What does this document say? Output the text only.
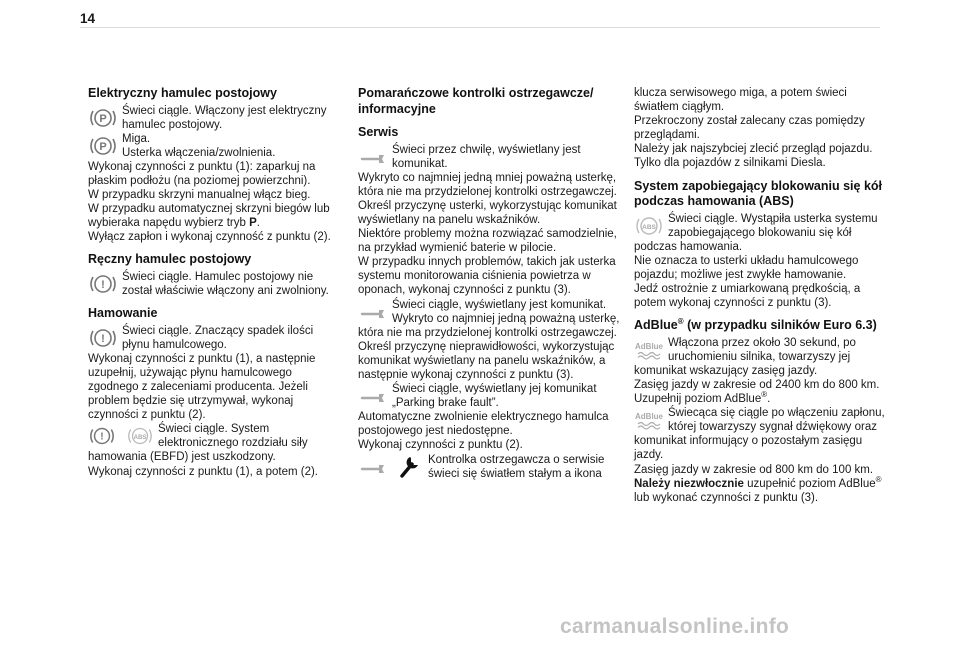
14
Elektryczny hamulec postojowy
P
Świeci ciągle. Włączony jest elektryczny hamulec postojowy.
P
Miga.
Usterka włączenia/zwolnienia.

Wykonaj czynności z punktu (1): zaparkuj na płaskim podłożu (na poziomej powierzchni).

W przypadku skrzyni manualnej włącz bieg.

W przypadku automatycznej skrzyni biegów lub wybieraka napędu wybierz tryb P.

Wyłącz zapłon i wykonaj czynność z punktu (2).

Ręczny hamulec postojowy
!
Świeci ciągle. Hamulec postojowy nie został właściwie włączony ani zwolniony.
Hamowanie
!
Świeci ciągle. Znaczący spadek ilości płynu hamulcowego.

Wykonaj czynności z punktu (1), a następnie uzupełnij, używając płynu hamulcowego zgodnego z zaleceniami producenta. Jeżeli problem będzie się utrzymywał, wykonaj czynności z punktu (2).

!	ABS
Świeci ciągle. System elektronicznego rozdziału siły hamowania (EBFD) jest uszkodzony.

Wykonaj czynności z punktu (1), a potem (2).

Pomarańczowe kontrolki ostrzegawcze/ informacyjne
Serwis
Świeci przez chwilę, wyświetlany jest komunikat.

Wykryto co najmniej jedną mniej poważną usterkę, która nie ma przydzielonej kontrolki ostrzegawczej.

Określ przyczynę usterki, wykorzystując komunikat wyświetlany na panelu wskaźników.

Niektóre problemy można rozwiązać samodzielnie, na przykład wymienić baterie w pilocie.

W przypadku innych problemów, takich jak usterka systemu monitorowania ciśnienia powietrza w oponach, wykonaj czynności z punktu (3).

Świeci ciągle, wyświetlany jest komunikat. Wykryto co najmniej jedną poważną usterkę, która nie ma przydzielonej kontrolki ostrzegawczej.

Określ przyczynę nieprawidłowości, wykorzystując komunikat wyświetlany na panelu wskaźników, a następnie wykonaj czynności z punktu (3).

Świeci ciągle, wyświetlany jej komunikat „Parking brake fault”.

Automatyczne zwolnienie elektrycznego hamulca postojowego jest niedostępne.

Wykonaj czynności z punktu (2).

Kontrolka ostrzegawcza o serwisie świeci się światłem stałym a ikona

klucza serwisowego miga, a potem świeci światłem ciągłym.

Przekroczony został zalecany czas pomiędzy przeglądami.

Należy jak najszybciej zlecić przegląd pojazdu.

Tylko dla pojazdów z silnikami Diesla.

System zapobiegający blokowaniu się kół podczas hamowania (ABS)
ABS
Świeci ciągle. Wystąpiła usterka systemu zapobiegającego blokowaniu się kół podczas hamowania.

Nie oznacza to usterki układu hamulcowego pojazdu; możliwe jest zwykłe hamowanie.

Jedź ostrożnie z umiarkowaną prędkością, a potem wykonaj czynności z punktu (3).

AdBlue® (w przypadku silników Euro 6.3)
AdBlue Włączona przez około 30 sekund, po uruchomieniu silnika, towarzyszy jej komunikat wskazujący zasięg jazdy.

Zasięg jazdy w zakresie od 2400 km do 800 km.

Uzupełnij poziom AdBlue®.

AdBlue Świecąca się ciągle po włączeniu zapłonu, której towarzyszy sygnał dźwiękowy oraz komunikat informujący o pozostałym zasięgu jazdy.

Zasięg jazdy w zakresie od 800 km do 100 km.

Należy niezwłocznie uzupełnić poziom AdBlue® lub wykonać czynności z punktu (3).

carmanualsonline.info
